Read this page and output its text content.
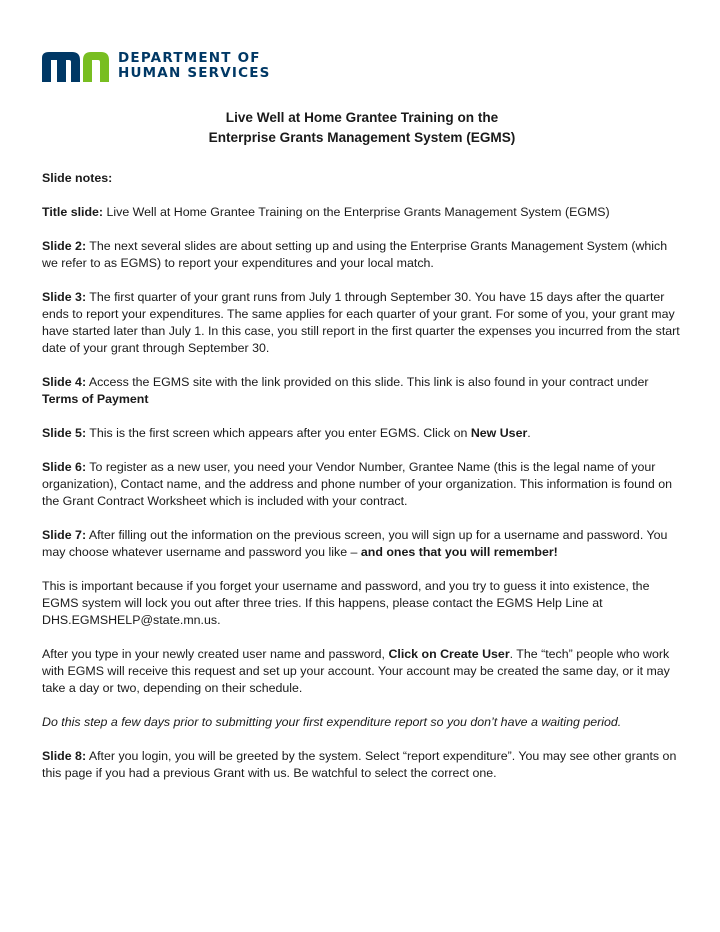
DEPARTMENT OF
HUMAN SERVICES
Live Well at Home Grantee Training on the
Enterprise Grants Management System (EGMS)

Slide notes:

Title slide: Live Well at Home Grantee Training on the Enterprise Grants Management System (EGMS)

Slide 2: The next several slides are about setting up and using the Enterprise Grants Management System (which we refer to as EGMS) to report your expenditures and your local match.

Slide 3: The first quarter of your grant runs from July 1 through September 30. You have 15 days after the quarter ends to report your expenditures. The same applies for each quarter of your grant. For some of you, your grant may have started later than July 1. In this case, you still report in the first quarter the expenses you incurred from the start date of your grant through September 30.

Slide 4: Access the EGMS site with the link provided on this slide. This link is also found in your contract under Terms of Payment

Slide 5: This is the first screen which appears after you enter EGMS. Click on New User.

Slide 6: To register as a new user, you need your Vendor Number, Grantee Name (this is the legal name of your organization), Contact name, and the address and phone number of your organization. This information is found on the Grant Contract Worksheet which is included with your contract.

Slide 7: After filling out the information on the previous screen, you will sign up for a username and password. You may choose whatever username and password you like – and ones that you will remember!

This is important because if you forget your username and password, and you try to guess it into existence, the EGMS system will lock you out after three tries. If this happens, please contact the EGMS Help Line at DHS.EGMSHELP@state.mn.us.

After you type in your newly created user name and password, Click on Create User. The “tech” people who work with EGMS will receive this request and set up your account. Your account may be created the same day, or it may take a day or two, depending on their schedule.

Do this step a few days prior to submitting your first expenditure report so you don’t have a waiting period.

Slide 8: After you login, you will be greeted by the system. Select “report expenditure”. You may see other grants on this page if you had a previous Grant with us. Be watchful to select the correct one.
